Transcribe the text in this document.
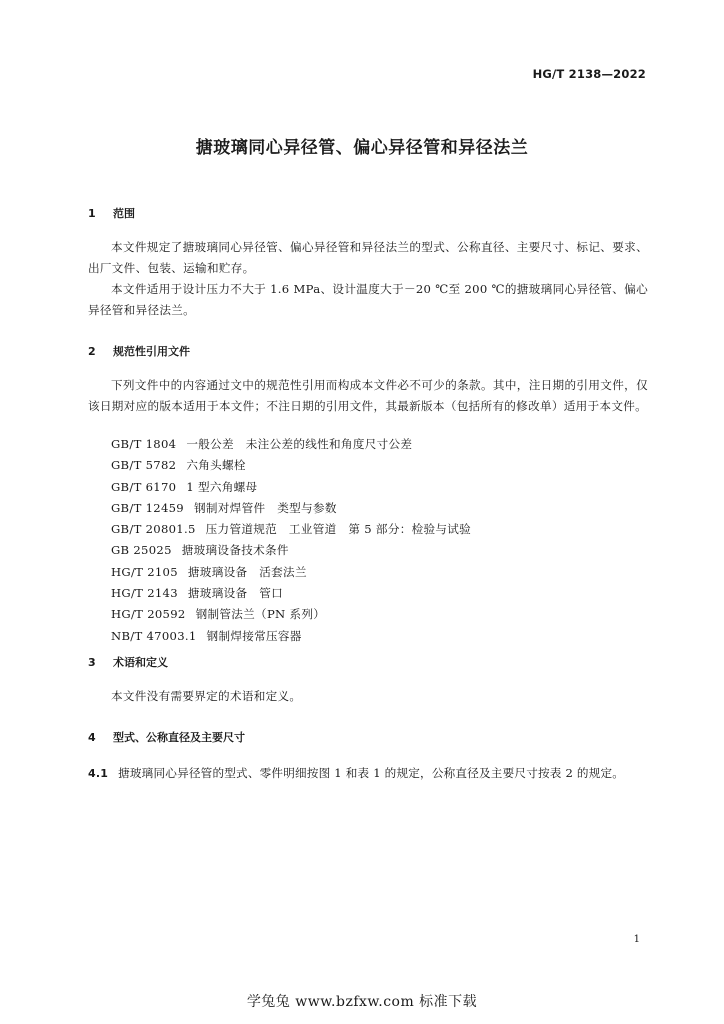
HG/T 2138—2022
搪玻璃同心异径管、偏心异径管和异径法兰
1 范围
本文件规定了搪玻璃同心异径管、偏心异径管和异径法兰的型式、公称直径、主要尺寸、标记、要求、出厂文件、包装、运输和贮存。
本文件适用于设计压力不大于 1.6 MPa、设计温度大于－20 ℃至 200 ℃的搪玻璃同心异径管、偏心异径管和异径法兰。
2 规范性引用文件
下列文件中的内容通过文中的规范性引用而构成本文件必不可少的条款。其中，注日期的引用文件，仅该日期对应的版本适用于本文件；不注日期的引用文件，其最新版本（包括所有的修改单）适用于本文件。
GB/T 1804 一般公差　未注公差的线性和角度尺寸公差
GB/T 5782 六角头螺栓
GB/T 6170 1 型六角螺母
GB/T 12459 钢制对焊管件　类型与参数
GB/T 20801.5 压力管道规范　工业管道　第 5 部分：检验与试验
GB 25025 搪玻璃设备技术条件
HG/T 2105 搪玻璃设备　活套法兰
HG/T 2143 搪玻璃设备　管口
HG/T 20592 钢制管法兰（PN 系列）
NB/T 47003.1 钢制焊接常压容器
3 术语和定义
本文件没有需要界定的术语和定义。
4 型式、公称直径及主要尺寸
4.1 搪玻璃同心异径管的型式、零件明细按图 1 和表 1 的规定，公称直径及主要尺寸按表 2 的规定。
1
学兔兔 www.bzfxw.com 标准下载
